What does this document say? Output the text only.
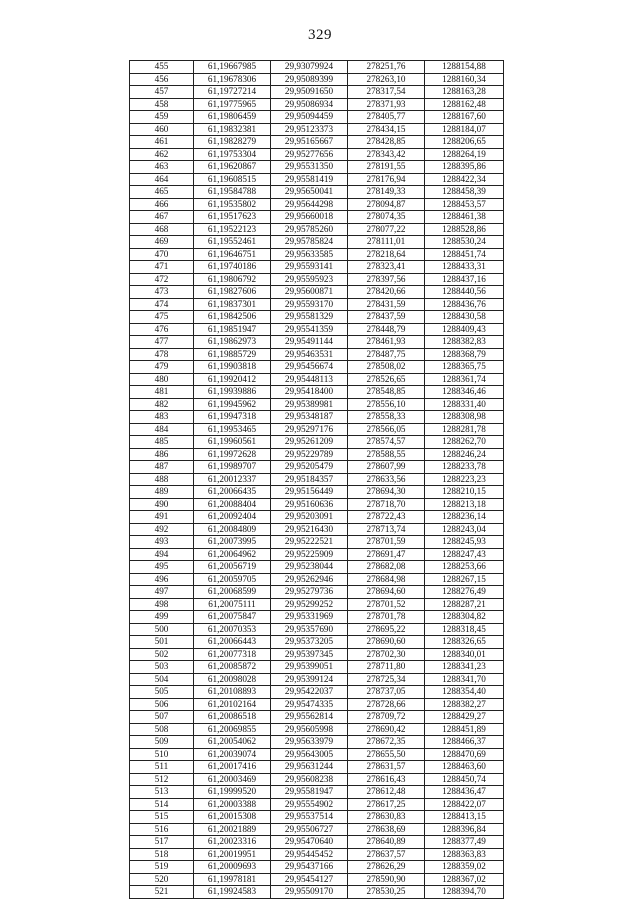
329
455	61,19667985	29,93079924	278251,76	1288154,88
456	61,19678306	29,95089399	278263,10	1288160,34
457	61,19727214	29,95091650	278317,54	1288163,28
458	61,19775965	29,95086934	278371,93	1288162,48
459	61,19806459	29,95094459	278405,77	1288167,60
460	61,19832381	29,95123373	278434,15	1288184,07
461	61,19828279	29,95165667	278428,85	1288206,65
462	61,19753304	29,95277656	278343,42	1288264,19
463	61,19620867	29,95531350	278191,55	1288395,86
464	61,19608515	29,95581419	278176,94	1288422,34
465	61,19584788	29,95650041	278149,33	1288458,39
466	61,19535802	29,95644298	278094,87	1288453,57
467	61,19517623	29,95660018	278074,35	1288461,38
468	61,19522123	29,95785260	278077,22	1288528,86
469	61,19552461	29,95785824	278111,01	1288530,24
470	61,19646751	29,95633585	278218,64	1288451,74
471	61,19740186	29,95593141	278323,41	1288433,31
472	61,19806792	29,95595923	278397,56	1288437,16
473	61,19827606	29,95600871	278420,66	1288440,56
474	61,19837301	29,95593170	278431,59	1288436,76
475	61,19842506	29,95581329	278437,59	1288430,58
476	61,19851947	29,95541359	278448,79	1288409,43
477	61,19862973	29,95491144	278461,93	1288382,83
478	61,19885729	29,95463531	278487,75	1288368,79
479	61,19903818	29,95456674	278508,02	1288365,75
480	61,19920412	29,95448113	278526,65	1288361,74
481	61,19939886	29,95418400	278548,85	1288346,46
482	61,19945962	29,95389981	278556,10	1288331,40
483	61,19947318	29,95348187	278558,33	1288308,98
484	61,19953465	29,95297176	278566,05	1288281,78
485	61,19960561	29,95261209	278574,57	1288262,70
486	61,19972628	29,95229789	278588,55	1288246,24
487	61,19989707	29,95205479	278607,99	1288233,78
488	61,20012337	29,95184357	278633,56	1288223,23
489	61,20066435	29,95156449	278694,30	1288210,15
490	61,20088404	29,95160636	278718,70	1288213,18
491	61,20092404	29,95203091	278722,43	1288236,14
492	61,20084809	29,95216430	278713,74	1288243,04
493	61,20073995	29,95222521	278701,59	1288245,93
494	61,20064962	29,95225909	278691,47	1288247,43
495	61,20056719	29,95238044	278682,08	1288253,66
496	61,20059705	29,95262946	278684,98	1288267,15
497	61,20068599	29,95279736	278694,60	1288276,49
498	61,20075111	29,95299252	278701,52	1288287,21
499	61,20075847	29,95331969	278701,78	1288304,82
500	61,20070353	29,95357690	278695,22	1288318,45
501	61,20066443	29,95373205	278690,60	1288326,65
502	61,20077318	29,95397345	278702,30	1288340,01
503	61,20085872	29,95399051	278711,80	1288341,23
504	61,20098028	29,95399124	278725,34	1288341,70
505	61,20108893	29,95422037	278737,05	1288354,40
506	61,20102164	29,95474335	278728,66	1288382,27
507	61,20086518	29,95562814	278709,72	1288429,27
508	61,20069855	29,95605998	278690,42	1288451,89
509	61,20054062	29,95633979	278672,35	1288466,37
510	61,20039074	29,95643005	278655,50	1288470,69
511	61,20017416	29,95631244	278631,57	1288463,60
512	61,20003469	29,95608238	278616,43	1288450,74
513	61,19999520	29,95581947	278612,48	1288436,47
514	61,20003388	29,95554902	278617,25	1288422,07
515	61,20015308	29,95537514	278630,83	1288413,15
516	61,20021889	29,95506727	278638,69	1288396,84
517	61,20023316	29,95470640	278640,89	1288377,49
518	61,20019951	29,95445452	278637,57	1288363,83
519	61,20009693	29,95437166	278626,29	1288359,02
520	61,19978181	29,95454127	278590,90	1288367,02
521	61,19924583	29,95509170	278530,25	1288394,70
